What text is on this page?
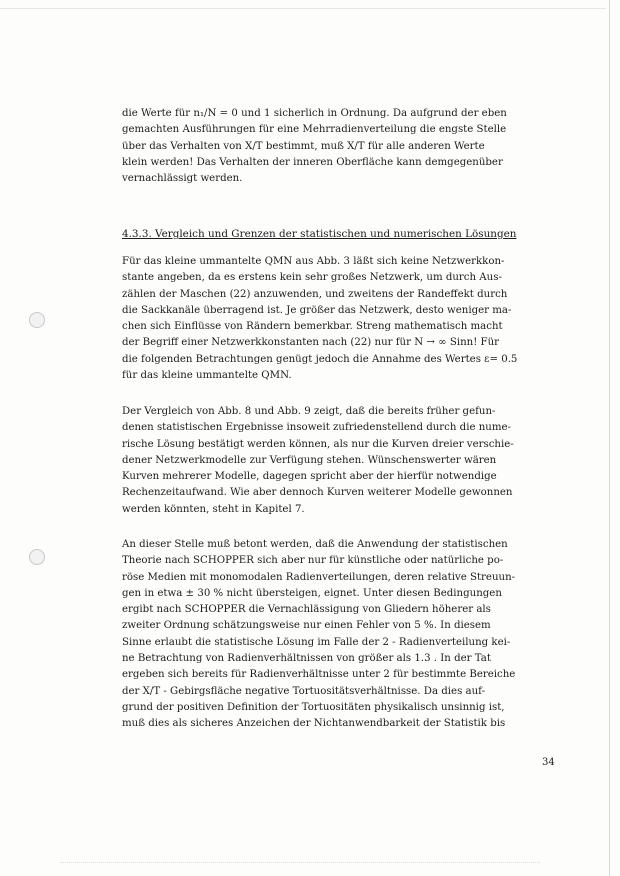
die Werte für n₁/N = 0 und 1 sicherlich in Ordnung. Da aufgrund der eben
gemachten Ausführungen für eine Mehrradienverteilung die engste Stelle
über das Verhalten von X/T bestimmt, muß X/T für alle anderen Werte
klein werden! Das Verhalten der inneren Oberfläche kann demgegenüber
vernachlässigt werden.
4.3.3. Vergleich und Grenzen der statistischen und numerischen Lösungen
Für das kleine ummantelte QMN aus Abb. 3 läßt sich keine Netzwerkkon-
stante angeben, da es erstens kein sehr großes Netzwerk, um durch Aus-
zählen der Maschen (22) anzuwenden, und zweitens der Randeffekt durch
die Sackkanäle überragend ist. Je größer das Netzwerk, desto weniger ma-
chen sich Einflüsse von Rändern bemerkbar. Streng mathematisch macht
der Begriff einer Netzwerkkonstanten nach (22) nur für N → ∞ Sinn! Für
die folgenden Betrachtungen genügt jedoch die Annahme des Wertes ε= 0.5
für das kleine ummantelte QMN.
Der Vergleich von Abb. 8 und Abb. 9 zeigt, daß die bereits früher gefun-
denen statistischen Ergebnisse insoweit zufriedenstellend durch die nume-
rische Lösung bestätigt werden können, als nur die Kurven dreier verschie-
dener Netzwerkmodelle zur Verfügung stehen. Wünschenswerter wären
Kurven mehrerer Modelle, dagegen spricht aber der hierfür notwendige
Rechenzeitaufwand. Wie aber dennoch Kurven weiterer Modelle gewonnen
werden könnten, steht in Kapitel 7.
An dieser Stelle muß betont werden, daß die Anwendung der statistischen
Theorie nach SCHOPPER sich aber nur für künstliche oder natürliche po-
röse Medien mit monomodalen Radienverteilungen, deren relative Streuun-
gen in etwa ± 30 % nicht übersteigen, eignet. Unter diesen Bedingungen
ergibt nach SCHOPPER die Vernachlässigung von Gliedern höherer als
zweiter Ordnung schätzungsweise nur einen Fehler von 5 %. In diesem
Sinne erlaubt die statistische Lösung im Falle der 2 - Radienverteilung kei-
ne Betrachtung von Radienverhältnissen von größer als 1.3 . In der Tat
ergeben sich bereits für Radienverhältnisse unter 2 für bestimmte Bereiche
der X/T - Gebirgsfläche negative Tortuositätsverhältnisse. Da dies auf-
grund der positiven Definition der Tortuositäten physikalisch unsinnig ist,
muß dies als sicheres Anzeichen der Nichtanwendbarkeit der Statistik bis
34
